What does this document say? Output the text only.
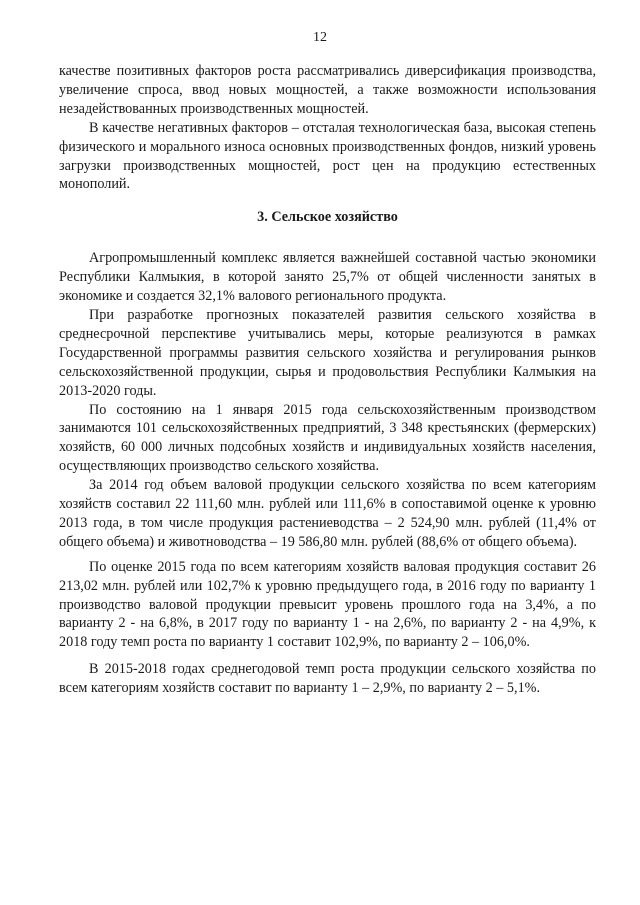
12

качестве позитивных факторов роста рассматривались диверсификация производства, увеличение спроса, ввод новых мощностей, а также возможности использования незадействованных производственных мощностей.

В качестве негативных факторов – отсталая технологическая база, высокая степень физического и морального износа основных производственных фондов, низкий уровень загрузки производственных мощностей, рост цен на продукцию естественных монополий.

3. Сельское хозяйство

Агропромышленный комплекс является важнейшей составной частью экономики Республики Калмыкия, в которой занято 25,7% от общей численности занятых в экономике и создается 32,1% валового регионального продукта.

При разработке прогнозных показателей развития сельского хозяйства в среднесрочной перспективе учитывались меры, которые реализуются в рамках Государственной программы развития сельского хозяйства и регулирования рынков сельскохозяйственной продукции, сырья и продовольствия Республики Калмыкия на 2013-2020 годы.

По состоянию на 1 января 2015 года сельскохозяйственным производством занимаются 101 сельскохозяйственных предприятий, 3 348 крестьянских (фермерских) хозяйств, 60 000 личных подсобных хозяйств и индивидуальных хозяйств населения, осуществляющих производство сельского хозяйства.

За 2014 год объем валовой продукции сельского хозяйства по всем категориям хозяйств составил 22 111,60 млн. рублей или 111,6% в сопоставимой оценке к уровню 2013 года, в том числе продукция растениеводства – 2 524,90 млн. рублей (11,4% от общего объема) и животноводства – 19 586,80 млн. рублей (88,6% от общего объема).

По оценке 2015 года по всем категориям хозяйств валовая продукция составит 26 213,02 млн. рублей или 102,7% к уровню предыдущего года, в 2016 году по варианту 1 производство валовой продукции превысит уровень прошлого года на 3,4%, а по варианту 2 - на 6,8%, в 2017 году по варианту 1 - на 2,6%, по варианту 2 - на 4,9%, к 2018 году темп роста по варианту 1 составит 102,9%, по варианту 2 – 106,0%.

В 2015-2018 годах среднегодовой темп роста продукции сельского хозяйства по всем категориям хозяйств составит по варианту 1 – 2,9%, по варианту 2 – 5,1%.
